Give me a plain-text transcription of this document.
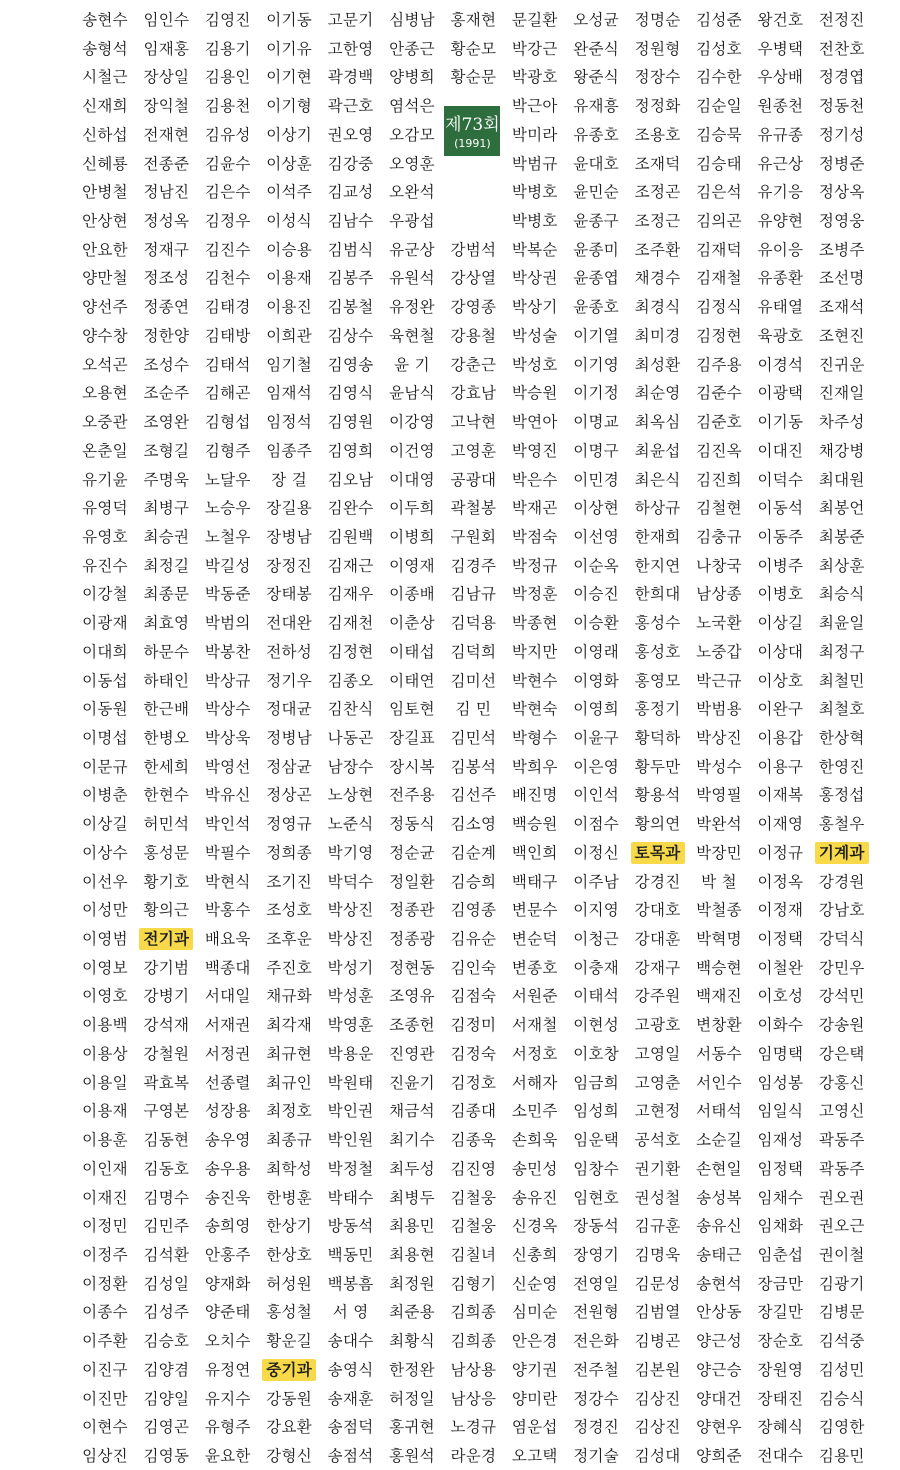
송현수
송형석
시철근
신재희
신하섭
신헤룡
안병철
안상현
안요한
양만철
양선주
양수창
오석곤
오용현
오중관
온춘일
유기윤
유영덕
유영호
유진수
이강철
이광재
이대희
이동섭
이동원
이명섭
이문규
이병춘
이상길
이상수
이선우
이성만
이영범
이영보
이영호
이용백
이용상
이용일
이용재
이용훈
이인재
이재진
이정민
이정주
이정환
이종수
이주환
이진구
이진만
이현수
임상진
임인수
임재홍
장상일
장익철
전재현
전종준
정남진
정성옥
정재구
정조성
정종연
정한양
조성수
조순주
조영완
조형길
주명욱
최병구
최승권
최정길
최종문
최효영
하문수
하태인
한근배
한병오
한세희
한현수
허민석
홍성문
황기호
황의근
전기과
강기범
강병기
강석재
강철원
곽효복
구영본
김동현
김동호
김명수
김민주
김석환
김성일
김성주
김승호
김양겸
김양일
김영곤
김영동
김영진
김용기
김용인
김용천
김유성
김윤수
김은수
김정우
김진수
김천수
김태경
김태방
김태석
김해곤
김형섭
김형주
노달우
노승우
노철우
박길성
박동준
박범의
박봉찬
박상규
박상수
박상욱
박영선
박유신
박인석
박필수
박현식
박홍수
배요욱
백종대
서대일
서재권
서정권
선종렬
성장용
송우영
송우용
송진욱
송희영
안홍주
양재화
양준태
오치수
유정연
유지수
유형주
윤요한
이기동
이기유
이기현
이기형
이상기
이상훈
이석주
이성식
이승용
이용재
이용진
이희관
임기철
임재석
임정석
임종주
장 걸
장길용
장병남
장정진
장태봉
전대완
전하성
정기우
정대균
정병남
정삼균
정상곤
정영규
정희종
조기진
조성호
조후운
주진호
채규화
최각재
최규현
최규인
최정호
최종규
최학성
한병훈
한상기
한상호
허성원
홍성철
황운길
중기과
강동원
강요환
강형신
고문기
고한영
곽경백
곽근호
권오영
김강중
김교성
김남수
김범식
김봉주
김봉철
김상수
김영송
김영식
김영원
김영희
김오남
김완수
김원백
김재근
김재우
김재천
김정현
김종오
김찬식
나동곤
남장수
노상현
노준식
박기영
박덕수
박상진
박상진
박성기
박성훈
박영훈
박용운
박원태
박인권
박인원
박정철
박태수
방동석
백동민
백봉흠
서 영
송대수
송영식
송재훈
송점덕
송점석
심병남
안종근
양병희
염석은
오감모
오영훈
오완석
우광섭
유군상
유원석
유정완
육현철
윤 기
윤남식
이강영
이건영
이대영
이두희
이병희
이영재
이종배
이춘상
이태섭
이태연
임토현
장길표
장시복
전주용
정동식
정순균
정일환
정종관
정종광
정현동
조영유
조종헌
진영관
진윤기
채금석
최기수
최두성
최병두
최용민
최용현
최정원
최준용
최황식
한정완
허정일
홍귀현
홍원석
홍재현
황순모
황순문
강범석
강상열
강영종
강용철
강춘근
강효남
고낙현
고영훈
공광대
곽철봉
구원회
김경주
김남규
김덕용
김덕희
김미선
김 민
김민석
김봉석
김선주
김소영
김순계
김승희
김영종
김유순
김인숙
김점숙
김정미
김정숙
김정호
김종대
김종욱
김진영
김철웅
김철웅
김칠녀
김형기
김희종
김희종
남상용
남상응
노경규
라운경
문길환
박강근
박광호
박근아
박미라
박범규
박병호
박병호
박복순
박상권
박상기
박성술
박성호
박승원
박연아
박영진
박은수
박재곤
박점숙
박정규
박정훈
박종현
박지만
박현수
박현숙
박형수
박희우
배진명
백승원
백인희
백태구
변문수
변순덕
변종호
서원준
서재철
서정호
서해자
소민주
손희욱
송민성
송유진
신경옥
신총희
신순영
심미순
안은경
양기권
양미란
염운섭
오고택
오성균
완준식
왕준식
유재흥
유종호
윤대호
윤민순
윤종구
윤종미
윤종엽
윤종호
이기열
이기영
이기정
이명교
이명구
이민경
이상현
이선영
이순옥
이승진
이승환
이영래
이영화
이영희
이윤구
이은영
이인석
이점수
이정신
이주남
이지영
이청근
이충재
이태석
이현성
이호창
임금희
임성희
임운택
임창수
임현호
장동석
장영기
전영일
전원형
전은화
전주철
정강수
정경진
정기술
정명순
정원형
정장수
정정화
조용호
조재덕
조정곤
조정근
조주환
채경수
최경식
최미경
최성환
최순영
최옥심
최윤섭
최은식
하상규
한재희
한지연
한희대
홍성수
홍성호
홍영모
홍정기
황덕하
황두만
황용석
황의연
토목과
강경진
강대호
강대훈
강재구
강주원
고광호
고영일
고영춘
고현정
공석호
권기환
권성철
김규훈
김명욱
김문성
김범열
김병곤
김본원
김상진
김상진
김성대
김성준
김성호
김수한
김순일
김승묵
김승태
김은석
김의곤
김재덕
김재철
김정식
김정현
김주용
김준수
김준호
김진옥
김진희
김철현
김충규
나창국
남상종
노국환
노중갑
박근규
박범용
박상진
박성수
박영필
박완석
박장민
박 철
박철종
박혁명
백승현
백재진
변창환
서동수
서인수
서태석
소순길
손현일
송성복
송유신
송태근
송현석
안상동
양근성
양근승
양대건
양현우
양희준
왕건호
우병택
우상배
원종천
유규종
유근상
유기응
유양현
유이응
유종환
유태열
육광호
이경석
이광택
이기동
이대진
이덕수
이동석
이동주
이병주
이병호
이상길
이상대
이상호
이완구
이용갑
이용구
이재복
이재영
이정규
이정옥
이정재
이정택
이철완
이호성
이화수
임명택
임성봉
임일식
임재성
임정택
임채수
임채화
임춘섭
장금만
장길만
장순호
장원영
장태진
장혜식
전대수
전정진
전찬호
정경엽
정동천
정기성
정병준
정상옥
정영웅
조병주
조선명
조재석
조현진
진귀운
진재일
차주성
채강병
최대원
최봉언
최봉준
최상훈
최승식
최윤일
최정구
최철민
최철호
한상혁
한영진
홍정섭
홍철우
기계과
강경원
강남호
강덕식
강민우
강석민
강송원
강은택
강홍신
고영신
곽동주
곽동주
권오권
권오근
권이철
김광기
김병문
김석중
김성민
김승식
김영한
김용민
제73회
(1991)
